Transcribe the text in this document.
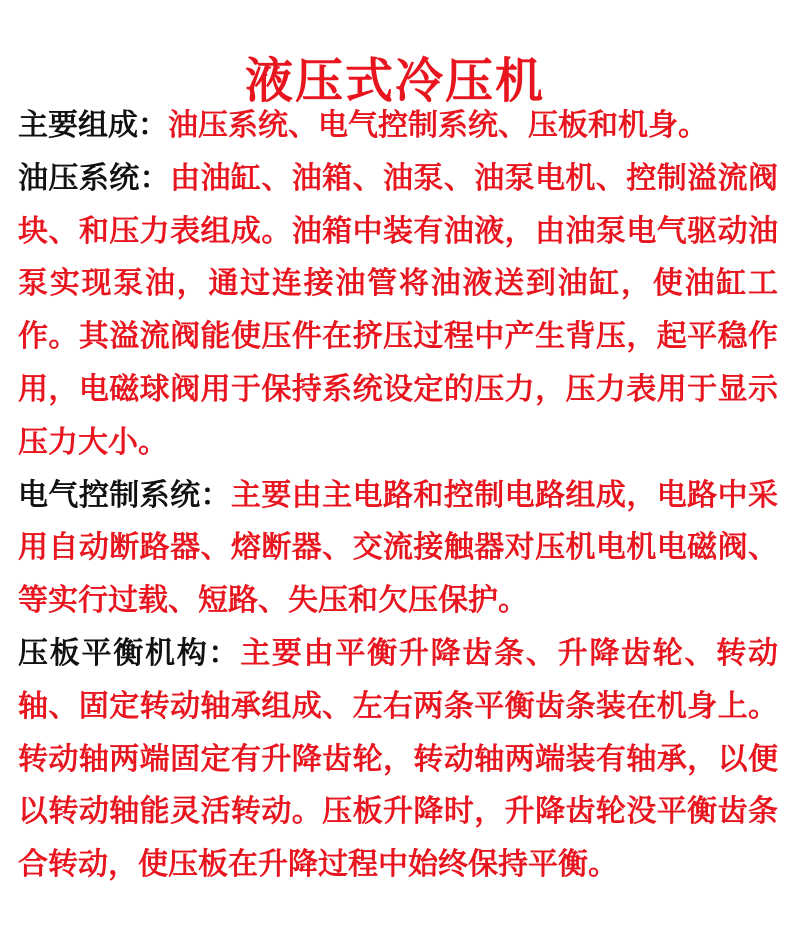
液压式冷压机

主要组成：油压系统、电气控制系统、压板和机身。

油压系统：由油缸、油箱、油泵、油泵电机、控制溢流阀块、和压力表组成。油箱中装有油液，由油泵电气驱动油泵实现泵油，通过连接油管将油液送到油缸，使油缸工作。其溢流阀能使压件在挤压过程中产生背压，起平稳作用，电磁球阀用于保持系统设定的压力，压力表用于显示压力大小。

电气控制系统：主要由主电路和控制电路组成，电路中采用自动断路器、熔断器、交流接触器对压机电机电磁阀、等实行过载、短路、失压和欠压保护。

压板平衡机构：主要由平衡升降齿条、升降齿轮、转动轴、固定转动轴承组成、左右两条平衡齿条装在机身上。转动轴两端固定有升降齿轮，转动轴两端装有轴承，以便以转动轴能灵活转动。压板升降时，升降齿轮没平衡齿条合转动，使压板在升降过程中始终保持平衡。
